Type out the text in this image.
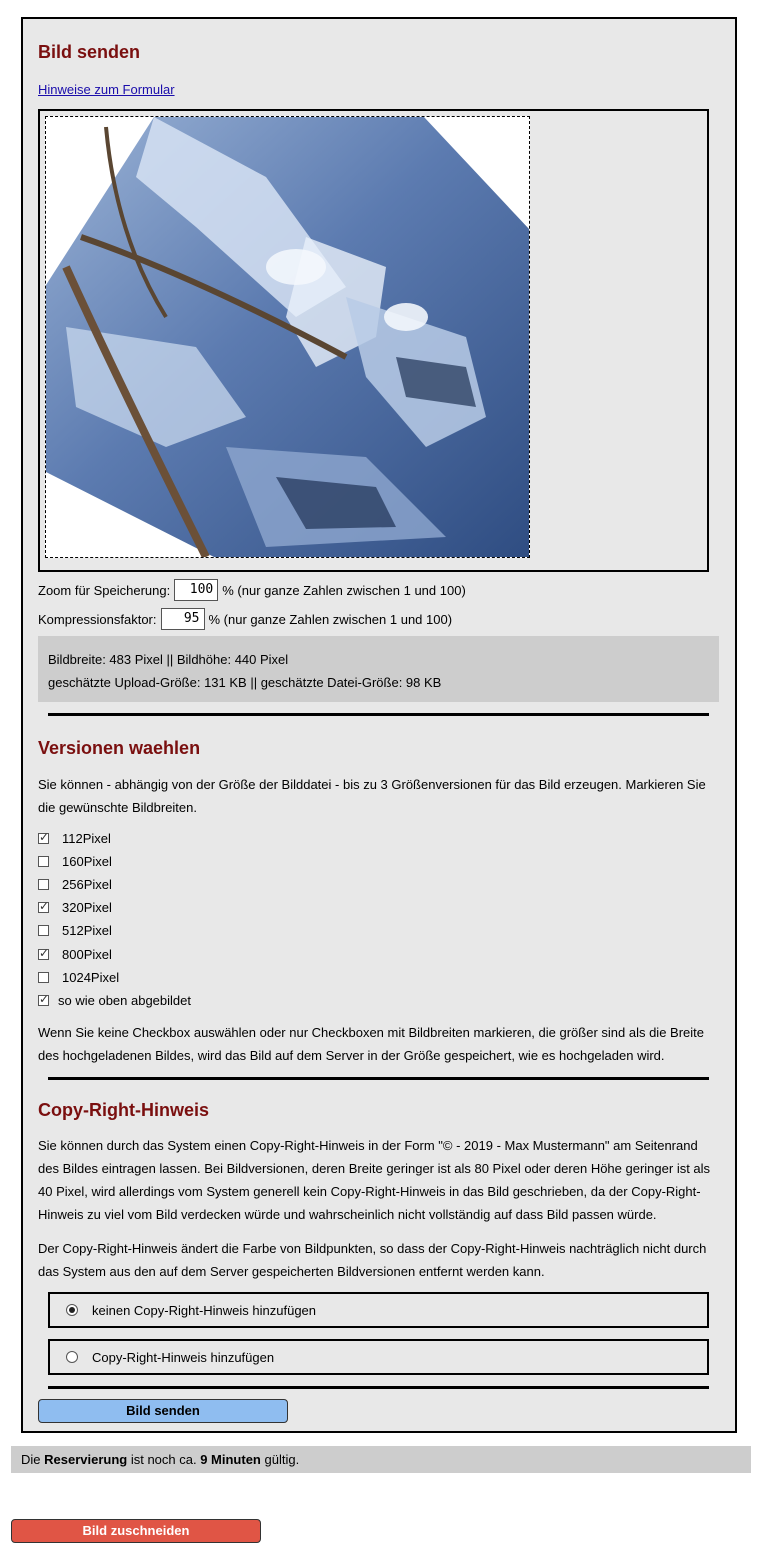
Bild senden
Hinweise zum Formular
Zoom für Speicherung:	100 % (nur ganze Zahlen zwischen 1 und 100)
Kompressionsfaktor:	95 % (nur ganze Zahlen zwischen 1 und 100)
Bildbreite: 483 Pixel || Bildhöhe: 440 Pixel
geschätzte Upload-Größe: 131 KB || geschätzte Datei-Größe: 98 KB
Versionen waehlen
Sie können - abhängig von der Größe der Bilddatei - bis zu 3 Größenversionen für das Bild erzeugen. Markieren Sie
die gewünschte Bildbreiten.
✓
112Pixel
160Pixel
256Pixel
✓
320Pixel
512Pixel
✓
800Pixel
1024Pixel
✓
so wie oben abgebildet
Wenn Sie keine Checkbox auswählen oder nur Checkboxen mit Bildbreiten markieren, die größer sind als die Breite
des hochgeladenen Bildes, wird das Bild auf dem Server in der Größe gespeichert, wie es hochgeladen wird.
Copy-Right-Hinweis
Sie können durch das System einen Copy-Right-Hinweis in der Form "© - 2019 - Max Mustermann" am Seitenrand
des Bildes eintragen lassen. Bei Bildversionen, deren Breite geringer ist als 80 Pixel oder deren Höhe geringer ist als
40 Pixel, wird allerdings vom System generell kein Copy-Right-Hinweis in das Bild geschrieben, da der Copy-Right-
Hinweis zu viel vom Bild verdecken würde und wahrscheinlich nicht vollständig auf dass Bild passen würde.
Der Copy-Right-Hinweis ändert die Farbe von Bildpunkten, so dass der Copy-Right-Hinweis nachträglich nicht durch
das System aus den auf dem Server gespeicherten Bildversionen entfernt werden kann.
keinen Copy-Right-Hinweis hinzufügen
Copy-Right-Hinweis hinzufügen
Bild senden
Die Reservierung ist noch ca. 9 Minuten gültig.
Bild zuschneiden
